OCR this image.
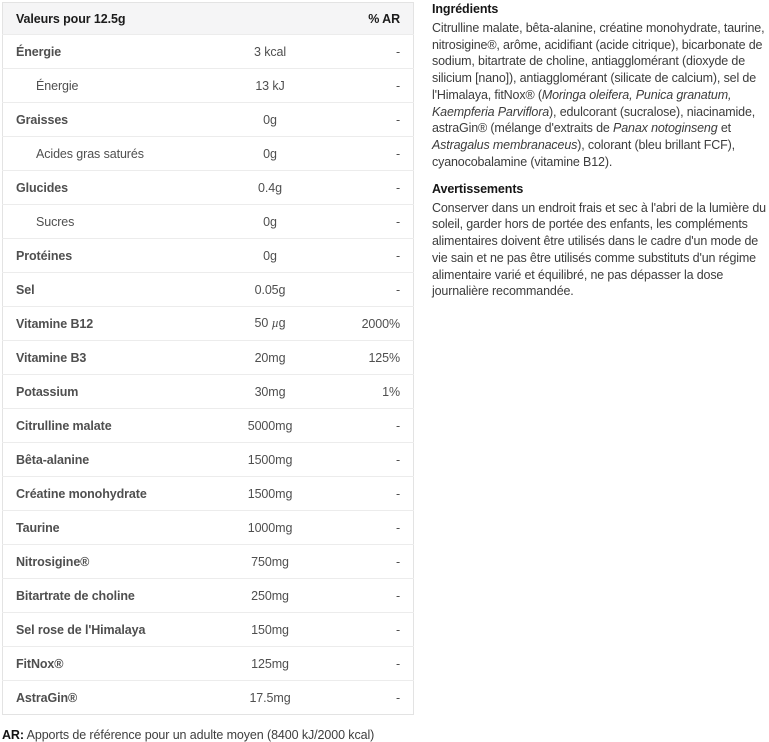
Valeurs pour 12.5g		% AR
Énergie	3 kcal	-
Énergie	13 kJ	-
Graisses	0g	-
Acides gras saturés	0g	-
Glucides	0.4g	-
Sucres	0g	-
Protéines	0g	-
Sel	0.05g	-
Vitamine B12	50 µg	2000%
Vitamine B3	20mg	125%
Potassium	30mg	1%
Citrulline malate	5000mg	-
Bêta-alanine	1500mg	-
Créatine monohydrate	1500mg	-
Taurine	1000mg	-
Nitrosigine®	750mg	-
Bitartrate de choline	250mg	-
Sel rose de l'Himalaya	150mg	-
FitNox®	125mg	-
AstraGin®	17.5mg	-

AR: Apports de référence pour un adulte moyen (8400 kJ/2000 kcal)

Ingrédients

Citrulline malate, bêta-alanine, créatine monohydrate, taurine, nitrosigine®, arôme, acidifiant (acide citrique), bicarbonate de sodium, bitartrate de choline, antiagglomérant (dioxyde de silicium [nano]), antiagglomérant (silicate de calcium), sel de l'Himalaya, fitNox® (Moringa oleifera, Punica granatum, Kaempferia Parviflora), edulcorant (sucralose), niacinamide, astraGin® (mélange d'extraits de Panax notoginseng et Astragalus membranaceus), colorant (bleu brillant FCF), cyanocobalamine (vitamine B12).

Avertissements

Conserver dans un endroit frais et sec à l'abri de la lumière du soleil, garder hors de portée des enfants, les compléments alimentaires doivent être utilisés dans le cadre d'un mode de vie sain et ne pas être utilisés comme substituts d'un régime alimentaire varié et équilibré, ne pas dépasser la dose journalière recommandée.
